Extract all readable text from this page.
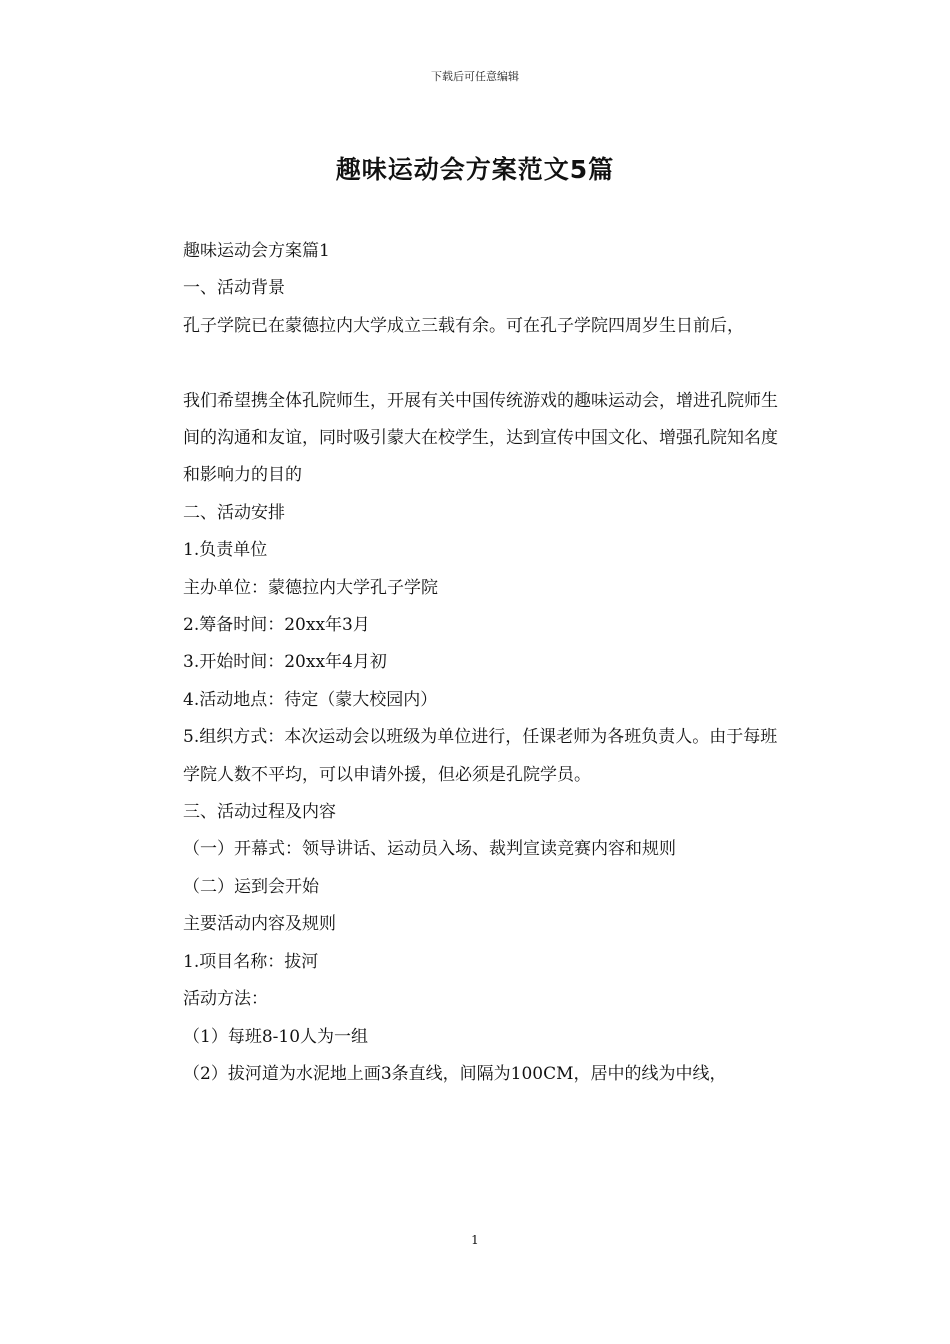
下载后可任意编辑
趣味运动会方案范文5篇

趣味运动会方案篇1

一、活动背景

孔子学院已在蒙德拉内大学成立三载有余。可在孔子学院四周岁生日前后，

我们希望携全体孔院师生，开展有关中国传统游戏的趣味运动会，增进孔院师生

间的沟通和友谊，同时吸引蒙大在校学生，达到宣传中国文化、增强孔院知名度

和影响力的目的

二、活动安排

1.负责单位

主办单位：蒙德拉内大学孔子学院

2.筹备时间：20xx年3月

3.开始时间：20xx年4月初

4.活动地点：待定（蒙大校园内）

5.组织方式：本次运动会以班级为单位进行，任课老师为各班负责人。由于每班

学院人数不平均，可以申请外援，但必须是孔院学员。

三、活动过程及内容

（一）开幕式：领导讲话、运动员入场、裁判宣读竞赛内容和规则

（二）运到会开始

主要活动内容及规则

1.项目名称：拔河

活动方法：

（1）每班8-10人为一组

（2）拔河道为水泥地上画3条直线，间隔为100CM，居中的线为中线，

1
